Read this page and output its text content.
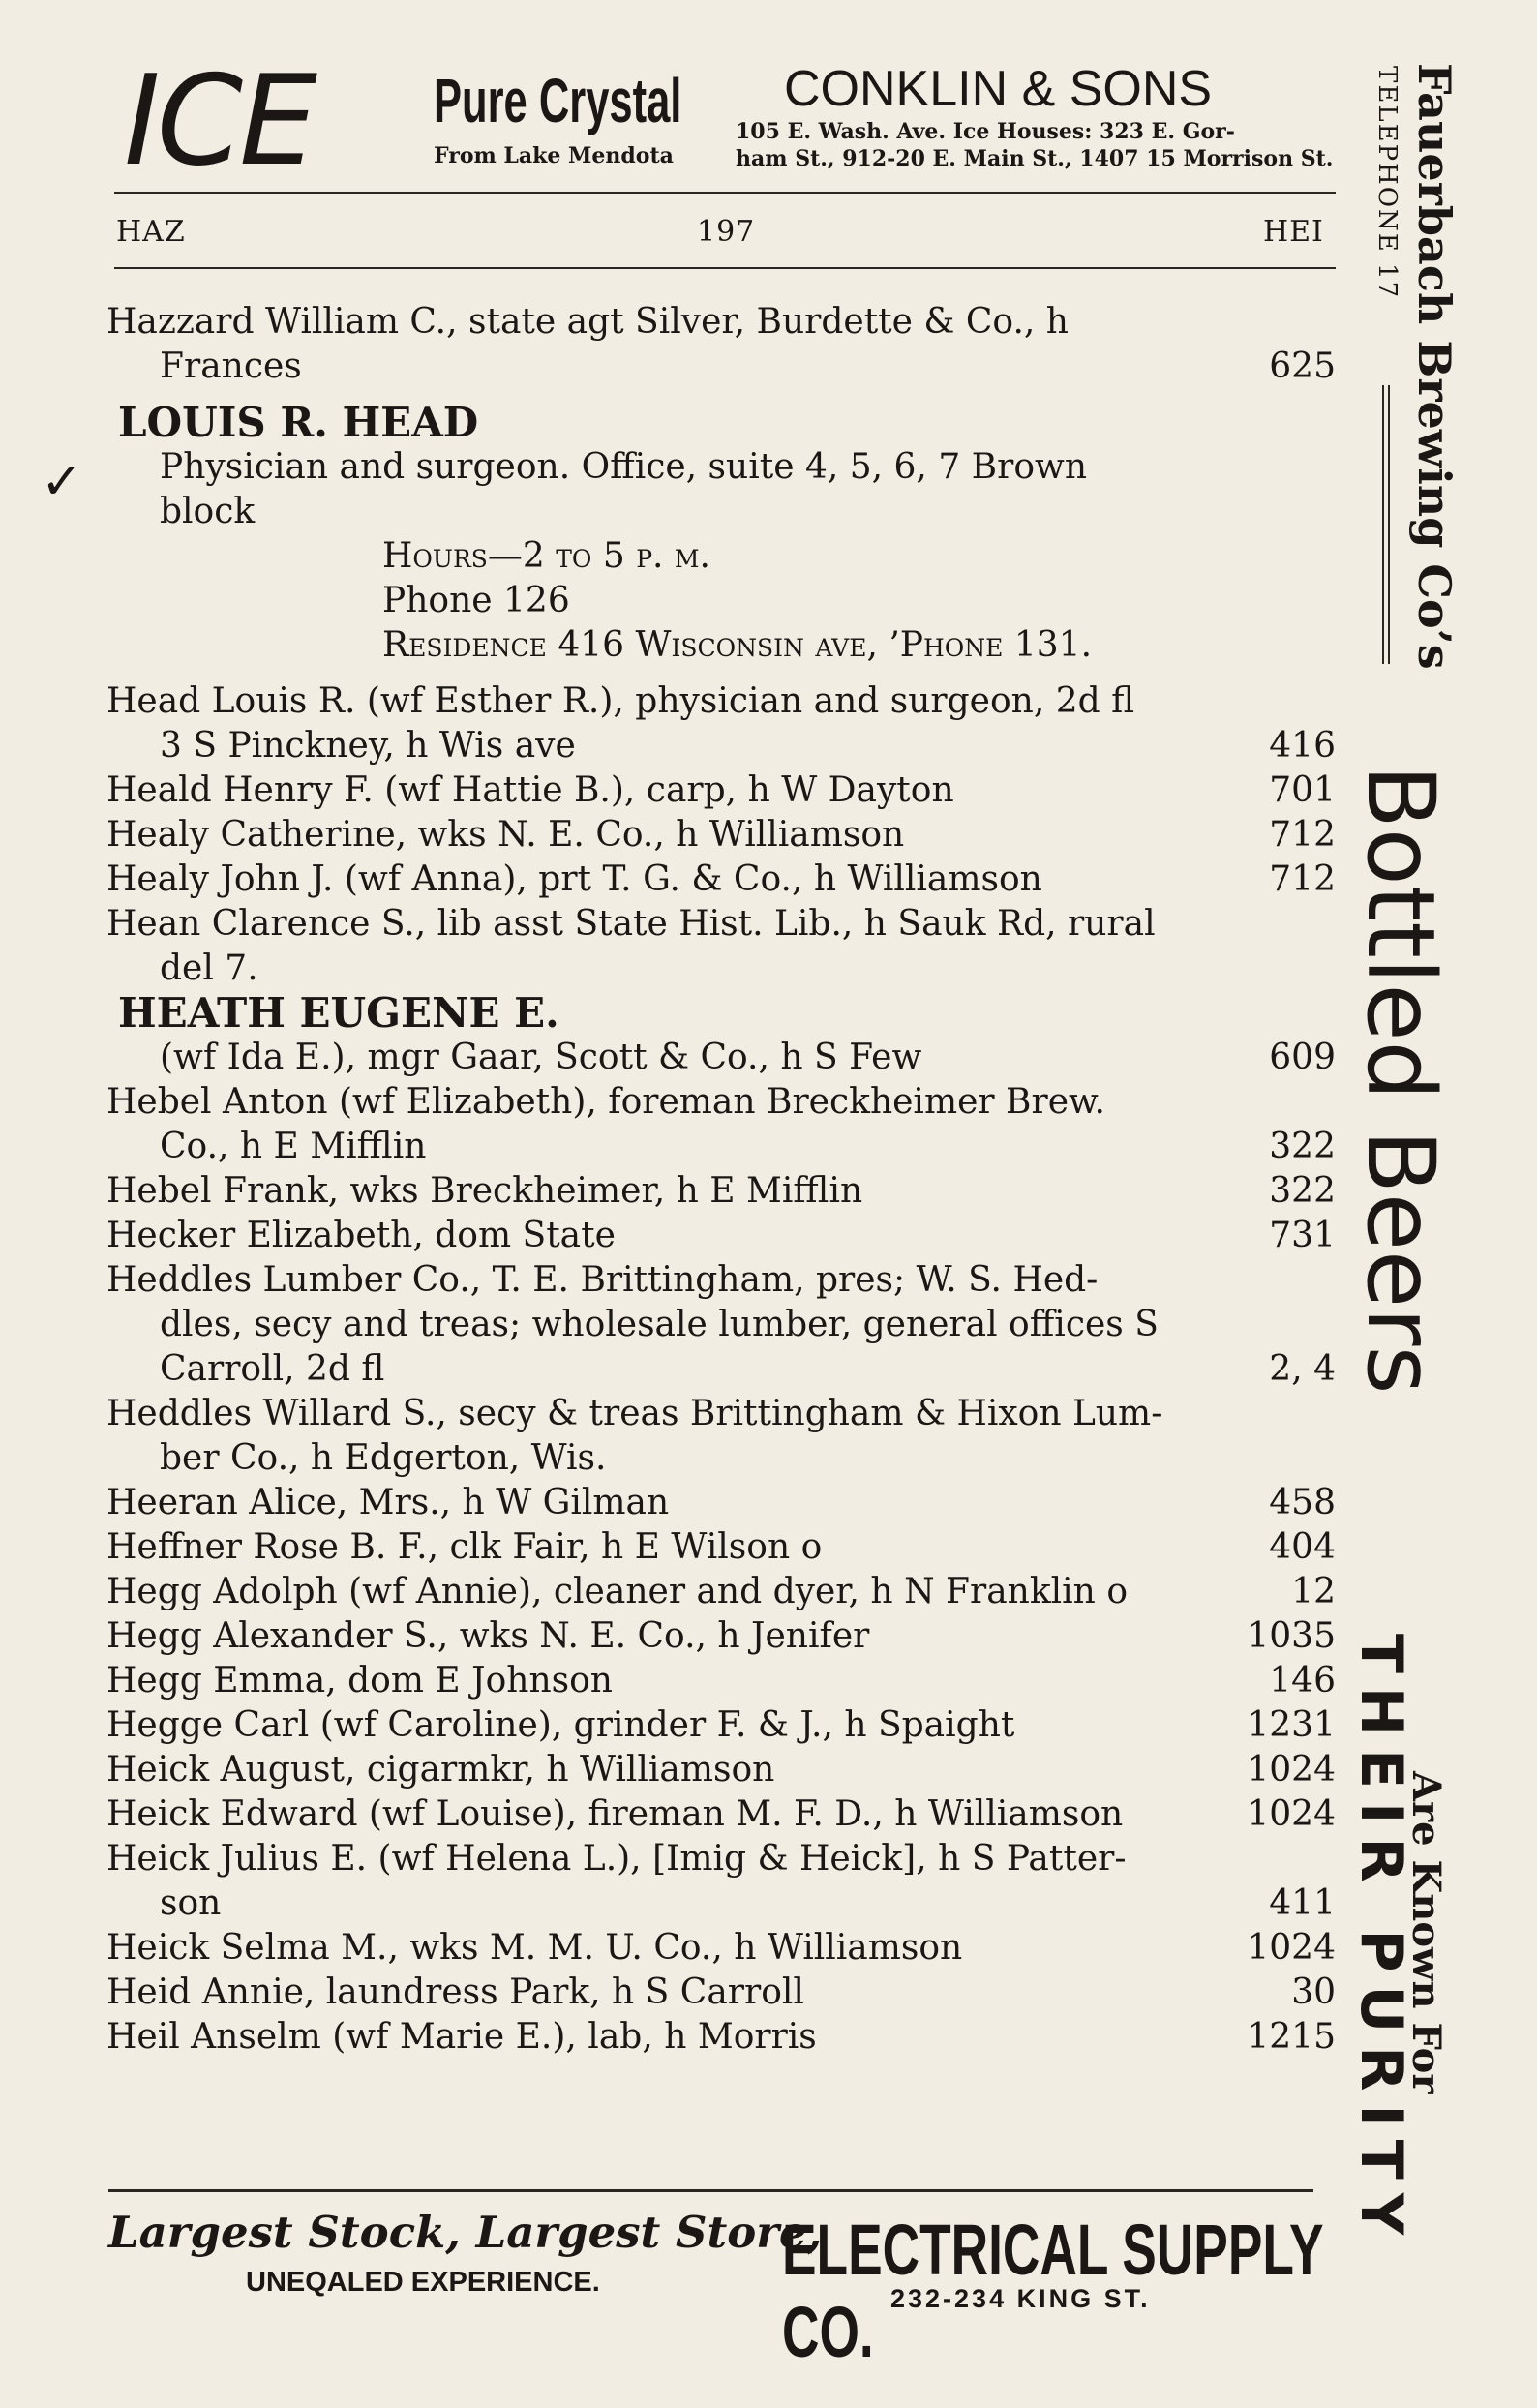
ICE Pure Crystal
From Lake Mendota
CONKLIN & SONS
105 E. Wash. Ave. Ice Houses: 323 E. Gor-
ham St., 912-20 E. Main St., 1407 15 Morrison St.
HAZ	197	HEI
✓
Hazzard William C., state agt Silver, Burdette & Co., h
Frances	625
LOUIS R. HEAD
Physician and surgeon. Office, suite 4, 5, 6, 7 Brown
block
Hours—2 to 5 p. m.
Phone 126
Residence 416 Wisconsin ave, ’Phone 131.
Head Louis R. (wf Esther R.), physician and surgeon, 2d fl
3 S Pinckney, h Wis ave	416
Heald Henry F. (wf Hattie B.), carp, h W Dayton	701
Healy Catherine, wks N. E. Co., h Williamson	712
Healy John J. (wf Anna), prt T. G. & Co., h Williamson	712
Hean Clarence S., lib asst State Hist. Lib., h Sauk Rd, rural
del 7.
HEATH EUGENE E.
(wf Ida E.), mgr Gaar, Scott & Co., h S Few	609
Hebel Anton (wf Elizabeth), foreman Breckheimer Brew.
Co., h E Mifflin	322
Hebel Frank, wks Breckheimer, h E Mifflin	322
Hecker Elizabeth, dom State	731
Heddles Lumber Co., T. E. Brittingham, pres; W. S. Hed-
dles, secy and treas; wholesale lumber, general offices S
Carroll, 2d fl	2, 4
Heddles Willard S., secy & treas Brittingham & Hixon Lum-
ber Co., h Edgerton, Wis.
Heeran Alice, Mrs., h W Gilman	458
Heffner Rose B. F., clk Fair, h E Wilson o	404
Hegg Adolph (wf Annie), cleaner and dyer, h N Franklin o	12
Hegg Alexander S., wks N. E. Co., h Jenifer	1035
Hegg Emma, dom E Johnson	146
Hegge Carl (wf Caroline), grinder F. & J., h Spaight	1231
Heick August, cigarmkr, h Williamson	1024
Heick Edward (wf Louise), fireman M. F. D., h Williamson	1024
Heick Julius E. (wf Helena L.), [Imig & Heick], h S Patter-
son	411
Heick Selma M., wks M. M. U. Co., h Williamson	1024
Heid Annie, laundress Park, h S Carroll	30
Heil Anselm (wf Marie E.), lab, h Morris	1215
Largest Stock, Largest Store,
UNEQALED EXPERIENCE.	ELECTRICAL SUPPLY CO. 232-234 KING ST.
Fauerbach Brewing Co’s
TELEPHONE 17
Bottled Beers
Are Known For
THEIR PURITY
